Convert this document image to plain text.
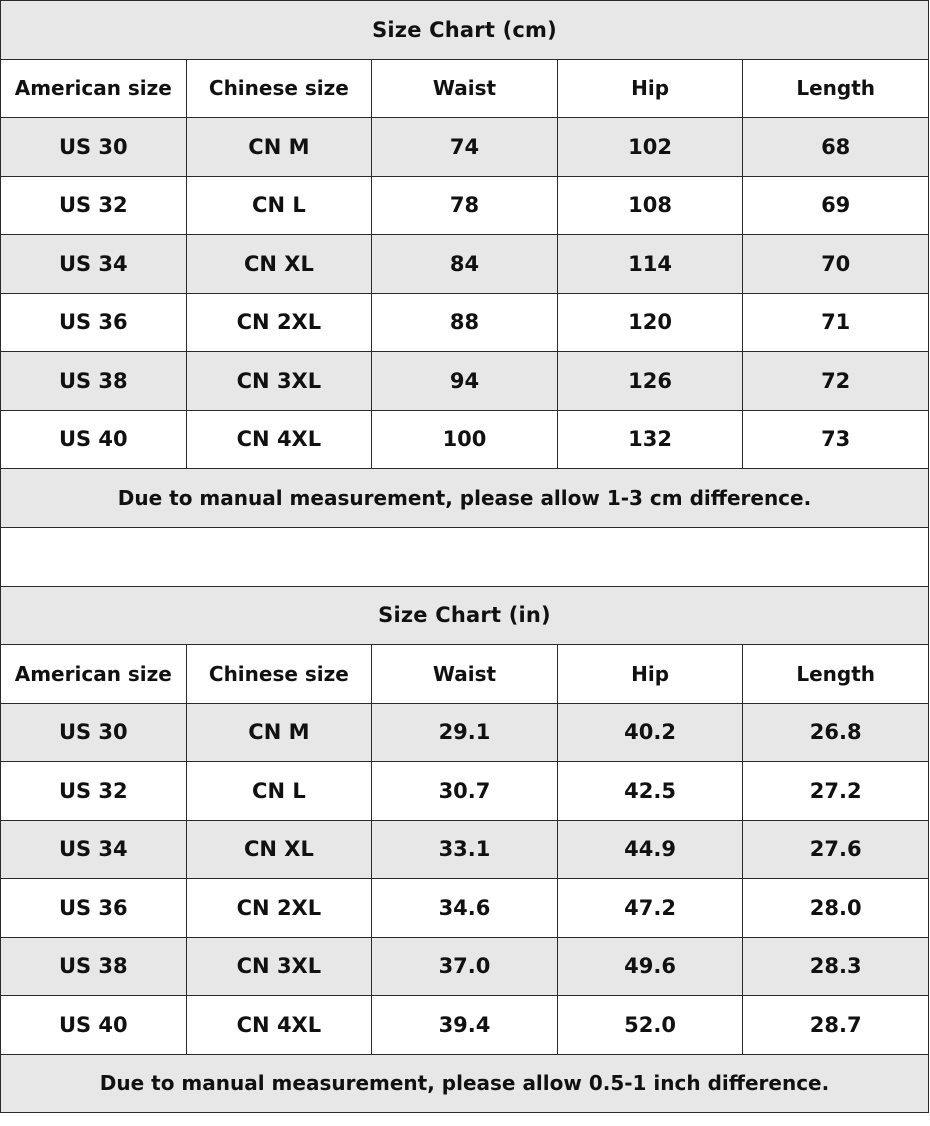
Size Chart (cm)				
American size	Chinese size	Waist	Hip	Length
US 30	CN M	74	102	68
US 32	CN L	78	108	69
US 34	CN XL	84	114	70
US 36	CN 2XL	88	120	71
US 38	CN 3XL	94	126	72
US 40	CN 4XL	100	132	73
Due to manual measurement, please allow 1-3 cm difference.				
Size Chart (in)				
American size	Chinese size	Waist	Hip	Length
US 30	CN M	29.1	40.2	26.8
US 32	CN L	30.7	42.5	27.2
US 34	CN XL	33.1	44.9	27.6
US 36	CN 2XL	34.6	47.2	28.0
US 38	CN 3XL	37.0	49.6	28.3
US 40	CN 4XL	39.4	52.0	28.7
Due to manual measurement, please allow 0.5-1 inch difference.				
